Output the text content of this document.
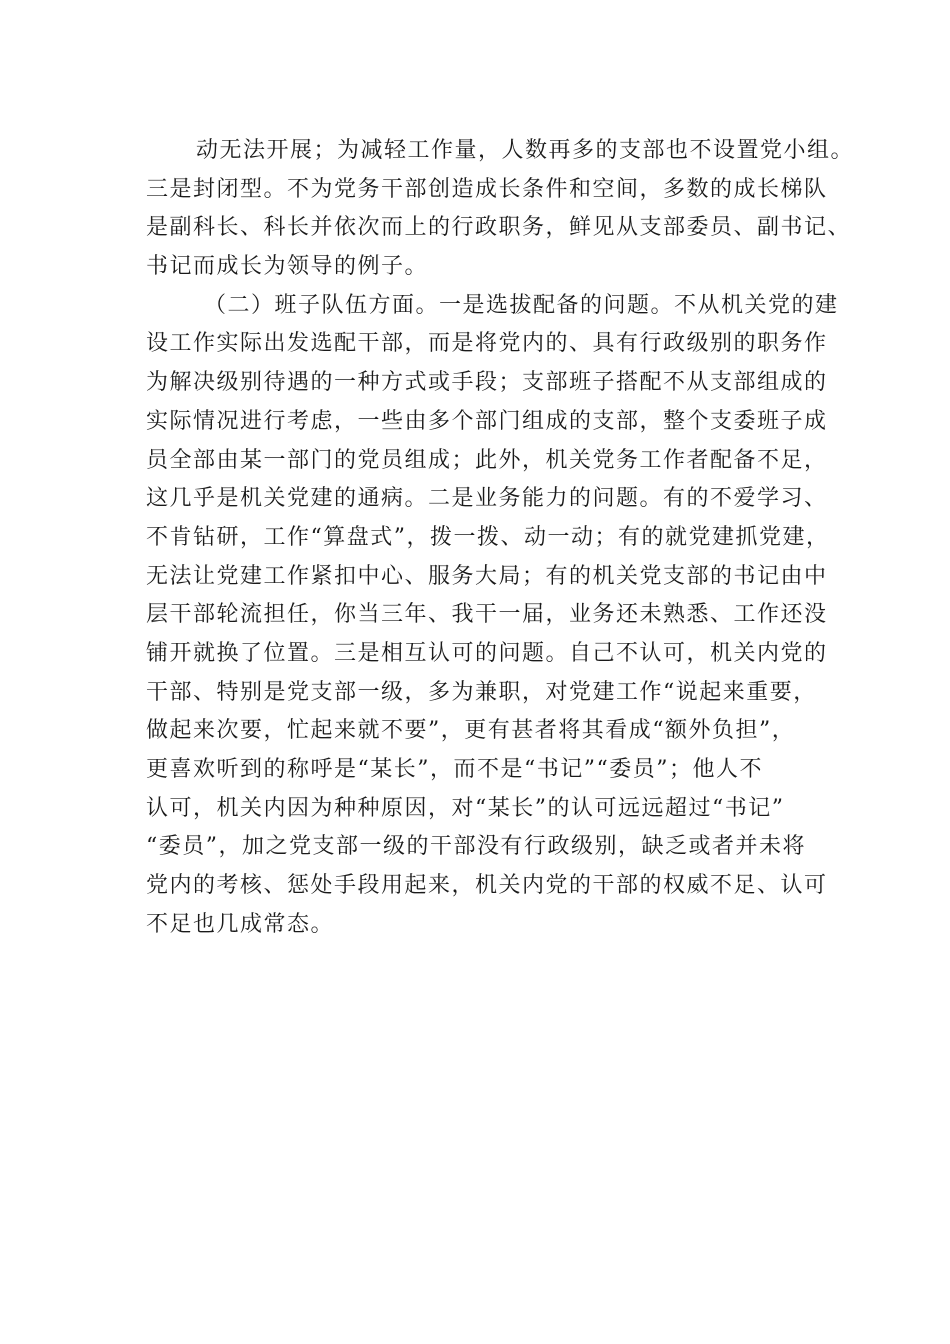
动无法开展；为减轻工作量，人数再多的支部也不设置党小组。
三是封闭型。不为党务干部创造成长条件和空间，多数的成长梯队
是副科长、科长并依次而上的行政职务，鲜见从支部委员、副书记、
书记而成长为领导的例子。
（二）班子队伍方面。一是选拔配备的问题。不从机关党的建
设工作实际出发选配干部，而是将党内的、具有行政级别的职务作
为解决级别待遇的一种方式或手段；支部班子搭配不从支部组成的
实际情况进行考虑，一些由多个部门组成的支部，整个支委班子成
员全部由某一部门的党员组成；此外，机关党务工作者配备不足，
这几乎是机关党建的通病。二是业务能力的问题。有的不爱学习、
不肯钻研，工作“算盘式”，拨一拨、动一动；有的就党建抓党建，
无法让党建工作紧扣中心、服务大局；有的机关党支部的书记由中
层干部轮流担任，你当三年、我干一届，业务还未熟悉、工作还没
铺开就换了位置。三是相互认可的问题。自己不认可，机关内党的
干部、特别是党支部一级，多为兼职，对党建工作“说起来重要，
做起来次要，忙起来就不要”，更有甚者将其看成“额外负担”，
更喜欢听到的称呼是“某长”，而不是“书记”“委员”；他人不
认可，机关内因为种种原因，对“某长”的认可远远超过“书记”
“委员”，加之党支部一级的干部没有行政级别，缺乏或者并未将
党内的考核、惩处手段用起来，机关内党的干部的权威不足、认可
不足也几成常态。
